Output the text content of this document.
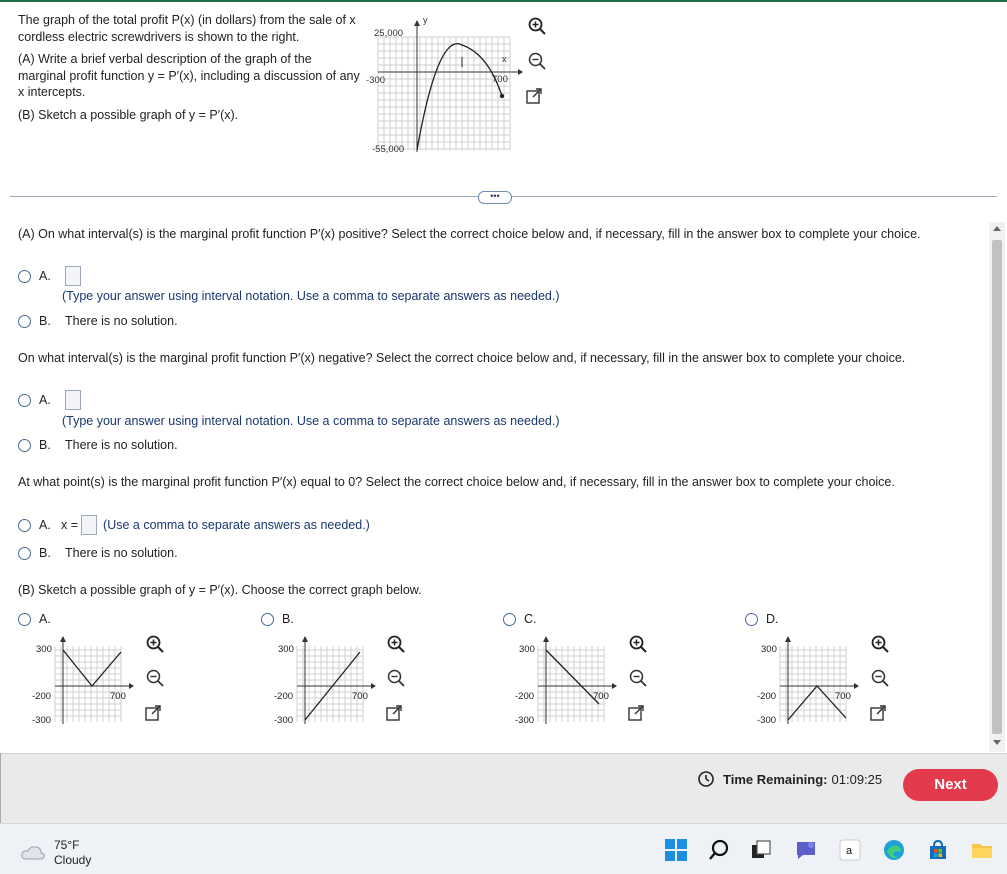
The graph of the total profit P(x) (in dollars) from the sale of x cordless electric screwdrivers is shown to the right.

(A) Write a brief verbal description of the graph of the marginal profit function y = P′(x), including a discussion of any x intercepts.

(B) Sketch a possible graph of y = P′(x).

y
25,000
-300
x
700
-55,000
•••
(A) On what interval(s) is the marginal profit function P′(x) positive? Select the correct choice below and, if necessary, fill in the answer box to complete your choice.
A.
(Type your answer using interval notation. Use a comma to separate answers as needed.)
B.	There is no solution.
On what interval(s) is the marginal profit function P′(x) negative? Select the correct choice below and, if necessary, fill in the answer box to complete your choice.
A.
(Type your answer using interval notation. Use a comma to separate answers as needed.)
B.	There is no solution.
At what point(s) is the marginal profit function P′(x) equal to 0? Select the correct choice below and, if necessary, fill in the answer box to complete your choice.
A. x = (Use a comma to separate answers as needed.)
B.	There is no solution.
(B) Sketch a possible graph of y = P′(x). Choose the correct graph below.
A.
300
-200
-300
700
B.
300
-200
-300
700
C.
300
-200
-300
700
D.
300
-200
-300
700
Time Remaining: 01:09:25	Next
75°F
Cloudy
a
